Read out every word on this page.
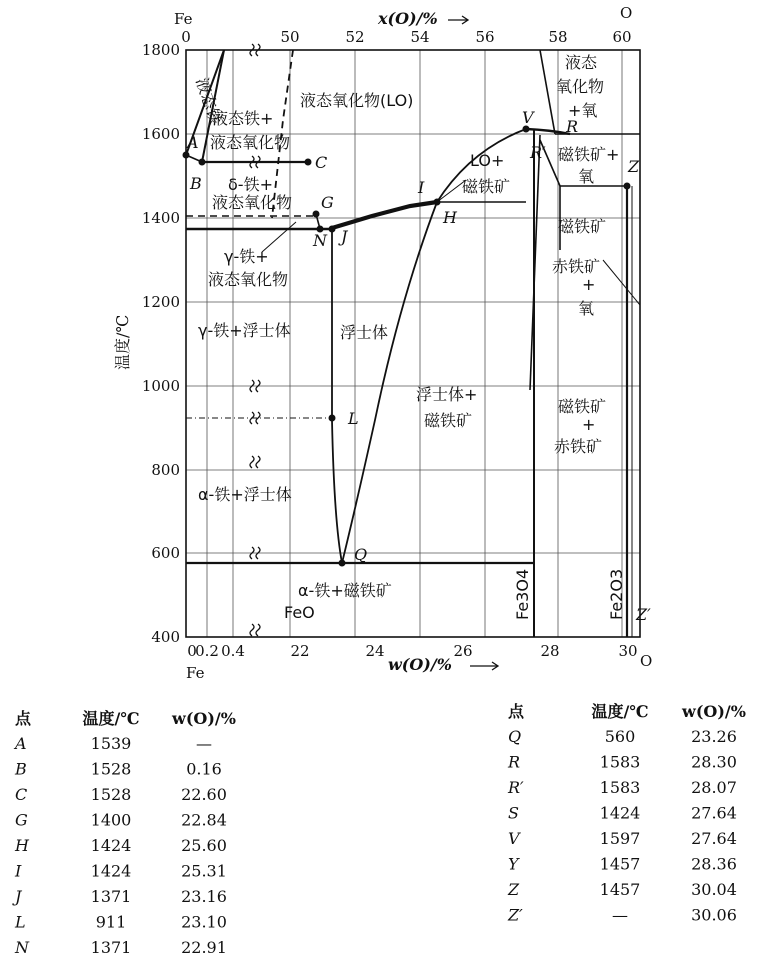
0	50	52	54	56	58	60
0
0.2 0.4	22	24	26	28	30
1800
1600
1400
1200
1000
800
600
400
x(O)/%
Fe	O
w(O)/%
Fe
O
温度/℃
液态铁	液态氧化物(LO)
液态铁+
液态氧化物
δ-铁+
液态氧化物
γ-铁+
液态氧化物
γ-铁+浮士体	浮士体
α-铁+浮士体
α-铁+磁铁矿
浮士体+
磁铁矿
LO+
磁铁矿
液态
氧化物
+氧
磁铁矿+
氧
磁铁矿
赤铁矿
+
氧
磁铁矿
+
赤铁矿
FeO	Fe3O4	Fe2O3
A
B
C
G
H
I
J
L
N
Q
R
R′
V
Z
Z′
点	温度/℃ w(O)/%
A	1539	—
B	1528	0.16
C	1528	22.60
G	1400	22.84
H	1424	25.60
I	1424	25.31
J	1371	23.16
L	911	23.10
N	1371	22.91
点	温度/℃ w(O)/%
Q	560	23.26
R	1583	28.30
R′	1583	28.07
S	1424	27.64
V	1597	27.64
Y	1457	28.36
Z	1457	30.04
Z′	—	30.06
